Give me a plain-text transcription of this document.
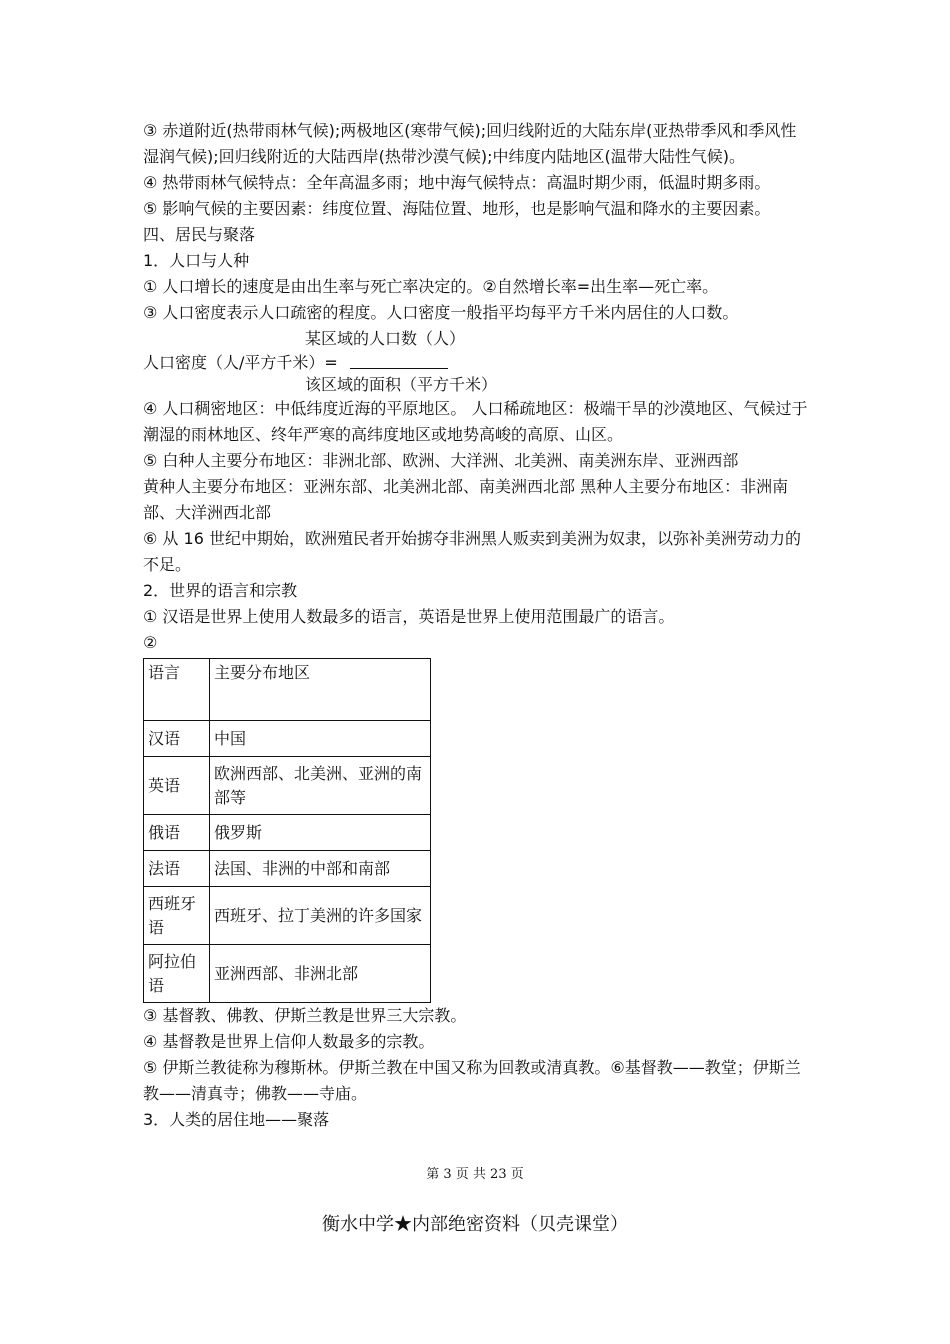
③ 赤道附近(热带雨林气候);两极地区(寒带气候);回归线附近的大陆东岸(亚热带季风和季风性湿润气候);回归线附近的大陆西岸(热带沙漠气候);中纬度内陆地区(温带大陆性气候)。

④ 热带雨林气候特点：全年高温多雨；地中海气候特点：高温时期少雨，低温时期多雨。

⑤ 影响气候的主要因素：纬度位置、海陆位置、地形，也是影响气温和降水的主要因素。

四、居民与聚落

1．人口与人种

① 人口增长的速度是由出生率与死亡率决定的。②自然增长率=出生率—死亡率。

③ 人口密度表示人口疏密的程度。人口密度一般指平均每平方千米内居住的人口数。

某区域的人口数（人）
人口密度（人/平方千米）=
该区域的面积（平方千米）

④ 人口稠密地区：中低纬度近海的平原地区。 人口稀疏地区：极端干旱的沙漠地区、气候过于潮湿的雨林地区、终年严寒的高纬度地区或地势高峻的高原、山区。

⑤ 白种人主要分布地区：非洲北部、欧洲、大洋洲、北美洲、南美洲东岸、亚洲西部

黄种人主要分布地区：亚洲东部、北美洲北部、南美洲西北部 黑种人主要分布地区：非洲南部、大洋洲西北部

⑥ 从 16 世纪中期始，欧洲殖民者开始掳夺非洲黑人贩卖到美洲为奴隶，以弥补美洲劳动力的不足。

2．世界的语言和宗教

① 汉语是世界上使用人数最多的语言，英语是世界上使用范围最广的语言。

②

语言	主要分布地区
汉语	中国
英语	欧洲西部、北美洲、亚洲的南部等
俄语	俄罗斯
法语	法国、非洲的中部和南部
西班牙语	西班牙、拉丁美洲的许多国家
阿拉伯语	亚洲西部、非洲北部

③ 基督教、佛教、伊斯兰教是世界三大宗教。

④ 基督教是世界上信仰人数最多的宗教。

⑤ 伊斯兰教徒称为穆斯林。伊斯兰教在中国又称为回教或清真教。⑥基督教——教堂；伊斯兰教——清真寺；佛教——寺庙。

3．人类的居住地——聚落

第 3 页 共 23 页
衡水中学★内部绝密资料（贝壳课堂）
